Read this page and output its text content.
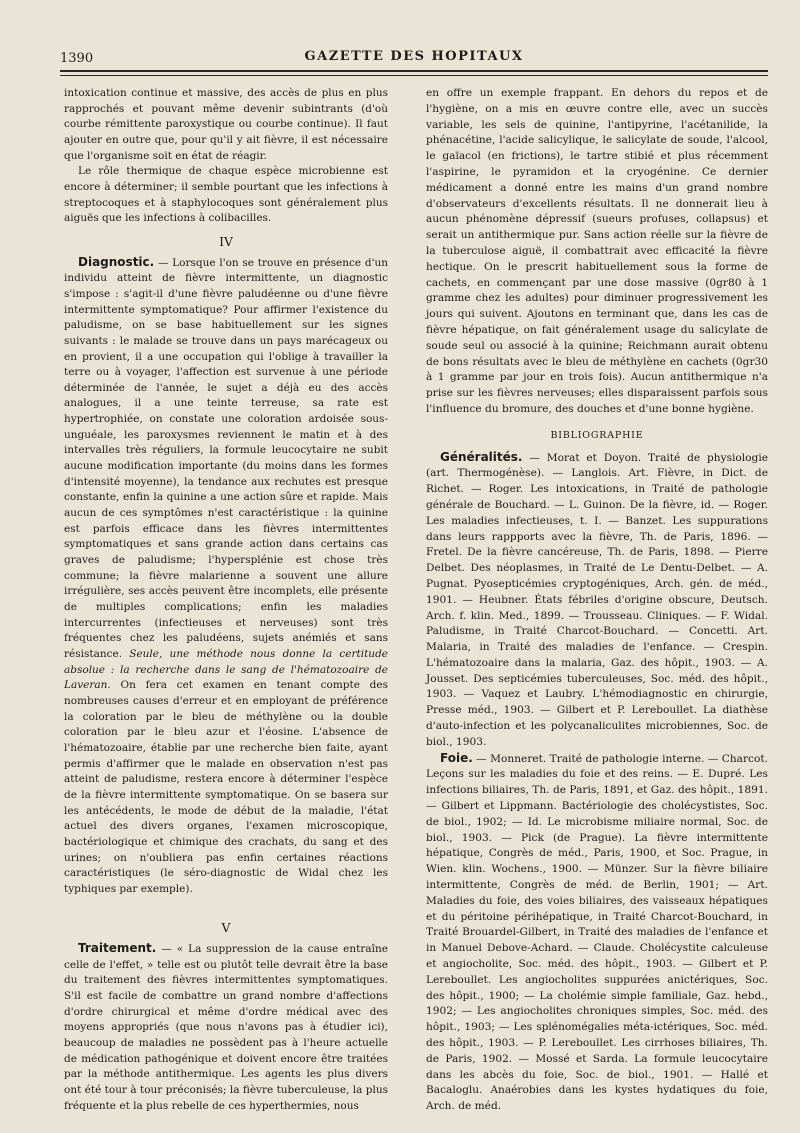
1390	GAZETTE DES HOPITAUX

intoxication continue et massive, des accès de plus en plus rapprochés et pouvant même devenir subintrants (d'où courbe rémittente paroxystique ou courbe continue). Il faut ajouter en outre que, pour qu'il y ait fièvre, il est nécessaire que l'organisme soit en état de réagir.

Le rôle thermique de chaque espèce microbienne est encore à déterminer; il semble pourtant que les infections à streptocoques et à staphylocoques sont généralement plus aiguës que les infections à colibacilles.

IV

Diagnostic. — Lorsque l'on se trouve en présence d'un individu atteint de fièvre intermittente, un diagnostic s'impose : s'agit-il d'une fièvre paludéenne ou d'une fièvre intermittente symptomatique? Pour affirmer l'existence du paludisme, on se base habituellement sur les signes suivants : le malade se trouve dans un pays marécageux ou en provient, il a une occupation qui l'oblige à travailler la terre ou à voyager, l'affection est survenue à une période déterminée de l'année, le sujet a déjà eu des accès analogues, il a une teinte terreuse, sa rate est hypertrophiée, on constate une coloration ardoisée sous-unguéale, les paroxysmes reviennent le matin et à des intervalles très réguliers, la formule leucocytaire ne subit aucune modification importante (du moins dans les formes d'intensité moyenne), la tendance aux rechutes est presque constante, enfin la quinine a une action sûre et rapide. Mais aucun de ces symptômes n'est caractéristique : la quinine est parfois efficace dans les fièvres intermittentes symptomatiques et sans grande action dans certains cas graves de paludisme; l'hypersplénie est chose très commune; la fièvre malarienne a souvent une allure irrégulière, ses accès peuvent être incomplets, elle présente de multiples complications; enfin les maladies intercurrentes (infectieuses et nerveuses) sont très fréquentes chez les paludéens, sujets anémiés et sans résistance. Seule, une méthode nous donne la certitude absolue : la recherche dans le sang de l'hématozoaire de Laveran. On fera cet examen en tenant compte des nombreuses causes d'erreur et en employant de préférence la coloration par le bleu de méthylène ou la double coloration par le bleu azur et l'éosine. L'absence de l'hématozoaire, établie par une recherche bien faite, ayant permis d'affirmer que le malade en observation n'est pas atteint de paludisme, restera encore à déterminer l'espèce de la fièvre intermittente symptomatique. On se basera sur les antécédents, le mode de début de la maladie, l'état actuel des divers organes, l'examen microscopique, bactériologique et chimique des crachats, du sang et des urines; on n'oubliera pas enfin certaines réactions caractéristiques (le séro-diagnostic de Widal chez les typhiques par exemple).

V

Traitement. — « La suppression de la cause entraîne celle de l'effet, » telle est ou plutôt telle devrait être la base du traitement des fièvres intermittentes symptomatiques. S'il est facile de combattre un grand nombre d'affections d'ordre chirurgical et même d'ordre médical avec des moyens appropriés (que nous n'avons pas à étudier ici), beaucoup de maladies ne possèdent pas à l'heure actuelle de médication pathogénique et doivent encore être traitées par la méthode antithermique. Les agents les plus divers ont été tour à tour préconisés; la fièvre tuberculeuse, la plus fréquente et la plus rebelle de ces hyperthermies, nous

en offre un exemple frappant. En dehors du repos et de l'hygiène, on a mis en œuvre contre elle, avec un succès variable, les sels de quinine, l'antipyrine, l'acétanilide, la phénacétine, l'acide salicylique, le salicylate de soude, l'alcool, le gaïacol (en frictions), le tartre stibié et plus récemment l'aspirine, le pyramidon et la cryogénine. Ce dernier médicament a donné entre les mains d'un grand nombre d'observateurs d'excellents résultats. Il ne donnerait lieu à aucun phénomène dépressif (sueurs profuses, collapsus) et serait un antithermique pur. Sans action réelle sur la fièvre de la tuberculose aiguë, il combattrait avec efficacité la fièvre hectique. On le prescrit habituellement sous la forme de cachets, en commençant par une dose massive (0gr80 à 1 gramme chez les adultes) pour diminuer progressivement les jours qui suivent. Ajoutons en terminant que, dans les cas de fièvre hépatique, on fait généralement usage du salicylate de soude seul ou associé à la quinine; Reichmann aurait obtenu de bons résultats avec le bleu de méthylène en cachets (0gr30 à 1 gramme par jour en trois fois). Aucun antithermique n'a prise sur les fièvres nerveuses; elles disparaissent parfois sous l'influence du bromure, des douches et d'une bonne hygiène.

BIBLIOGRAPHIE

Généralités. — Morat et Doyon. Traité de physiologie (art. Thermogénèse). — Langlois. Art. Fièvre, in Dict. de Richet. — Roger. Les intoxications, in Traité de pathologie générale de Bouchard. — L. Guinon. De la fièvre, id. — Roger. Les maladies infectieuses, t. I. — Banzet. Les suppurations dans leurs rappports avec la fièvre, Th. de Paris, 1896. — Fretel. De la fièvre cancéreuse, Th. de Paris, 1898. — Pierre Delbet. Des néoplasmes, in Traité de Le Dentu-Delbet. — A. Pugnat. Pyosepticémies cryptogéniques, Arch. gén. de méd., 1901. — Heubner. États fébriles d'origine obscure, Deutsch. Arch. f. klin. Med., 1899. — Trousseau. Cliniques. — F. Widal. Paludisme, in Traité Charcot-Bouchard. — Concetti. Art. Malaria, in Traité des maladies de l'enfance. — Crespin. L'hématozoaire dans la malaria, Gaz. des hôpit., 1903. — A. Jousset. Des septicémies tuberculeuses, Soc. méd. des hôpit., 1903. — Vaquez et Laubry. L'hémodiagnostic en chirurgie, Presse méd., 1903. — Gilbert et P. Lereboullet. La diathèse d'auto-infection et les polycanaliculites microbiennes, Soc. de biol., 1903.

Foie. — Monneret. Traité de pathologie interne. — Charcot. Leçons sur les maladies du foie et des reins. — E. Dupré. Les infections biliaires, Th. de Paris, 1891, et Gaz. des hôpit., 1891. — Gilbert et Lippmann. Bactériologie des cholécystistes, Soc. de biol., 1902; — Id. Le microbisme miliaire normal, Soc. de biol., 1903. — Pick (de Prague). La fièvre intermittente hépatique, Congrès de méd., Paris, 1900, et Soc. Prague, in Wien. klin. Wochens., 1900. — Münzer. Sur la fièvre biliaire intermittente, Congrès de méd. de Berlin, 1901; — Art. Maladies du foie, des voies biliaires, des vaisseaux hépatiques et du péritoine périhépatique, in Traité Charcot-Bouchard, in Traité Brouardel-Gilbert, in Traité des maladies de l'enfance et in Manuel Debove-Achard. — Claude. Cholécystite calculeuse et angiocholite, Soc. méd. des hôpit., 1903. — Gilbert et P. Lereboullet. Les angiocholites suppurées anictériques, Soc. des hôpit., 1900; — La cholémie simple familiale, Gaz. hebd., 1902; — Les angiocholites chroniques simples, Soc. méd. des hôpit., 1903; — Les splénomégalies méta-ictériques, Soc. méd. des hôpit., 1903. — P. Lereboullet. Les cirrhoses biliaires, Th. de Paris, 1902. — Mossé et Sarda. La formule leucocytaire dans les abcès du foie, Soc. de biol., 1901. — Hallé et Bacaloglu. Anaérobies dans les kystes hydatiques du foie, Arch. de méd.
